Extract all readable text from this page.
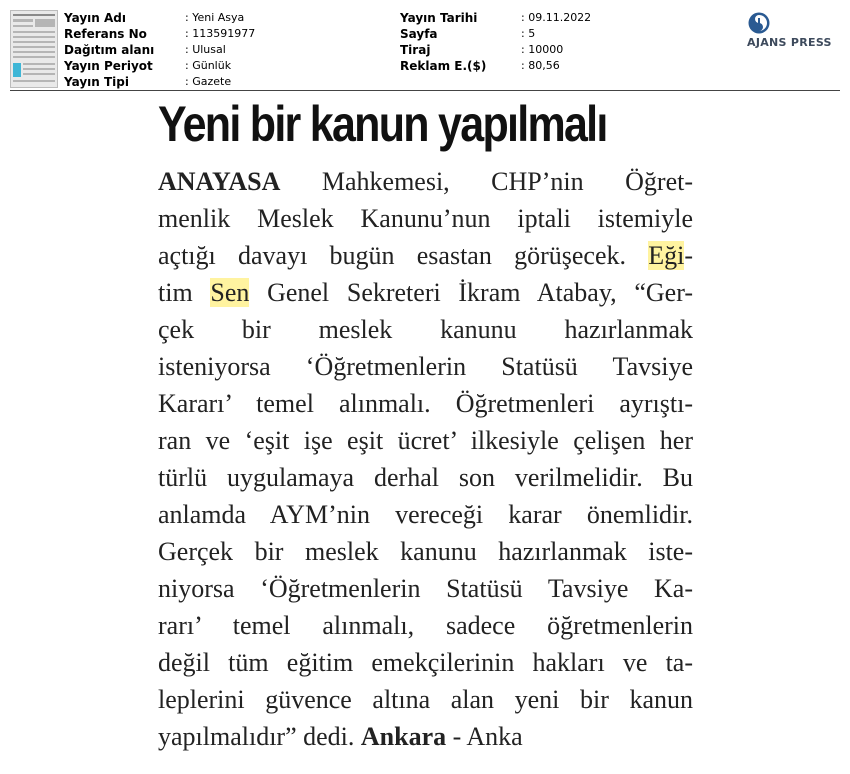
Yayın Adı	: Yeni Asya
Referans No	: 113591977
Dağıtım alanı	: Ulusal
Yayın Periyot	: Günlük
Yayın Tipi	: Gazete
Yayın Tarihi	: 09.11.2022
Sayfa	: 5
Tiraj	: 10000
Reklam E.($)	: 80,56
AJANS PRESS
Yeni bir kanun yapılmalı
ANAYASA Mahkemesi, CHP’nin Öğret-
menlik Meslek Kanunu’nun iptali istemiyle
açtığı davayı bugün esastan görüşecek. Eği-
tim Sen Genel Sekreteri İkram Atabay, “Ger-
çek bir meslek kanunu hazırlanmak
isteniyorsa ‘Öğretmenlerin Statüsü Tavsiye
Kararı’ temel alınmalı. Öğretmenleri ayrıştı-
ran ve ‘eşit işe eşit ücret’ ilkesiyle çelişen her
türlü uygulamaya derhal son verilmelidir. Bu
anlamda AYM’nin vereceği karar önemlidir.
Gerçek bir meslek kanunu hazırlanmak iste-
niyorsa ‘Öğretmenlerin Statüsü Tavsiye Ka-
rarı’ temel alınmalı, sadece öğretmenlerin
değil tüm eğitim emekçilerinin hakları ve ta-
leplerini güvence altına alan yeni bir kanun
yapılmalıdır” dedi. Ankara - Anka
